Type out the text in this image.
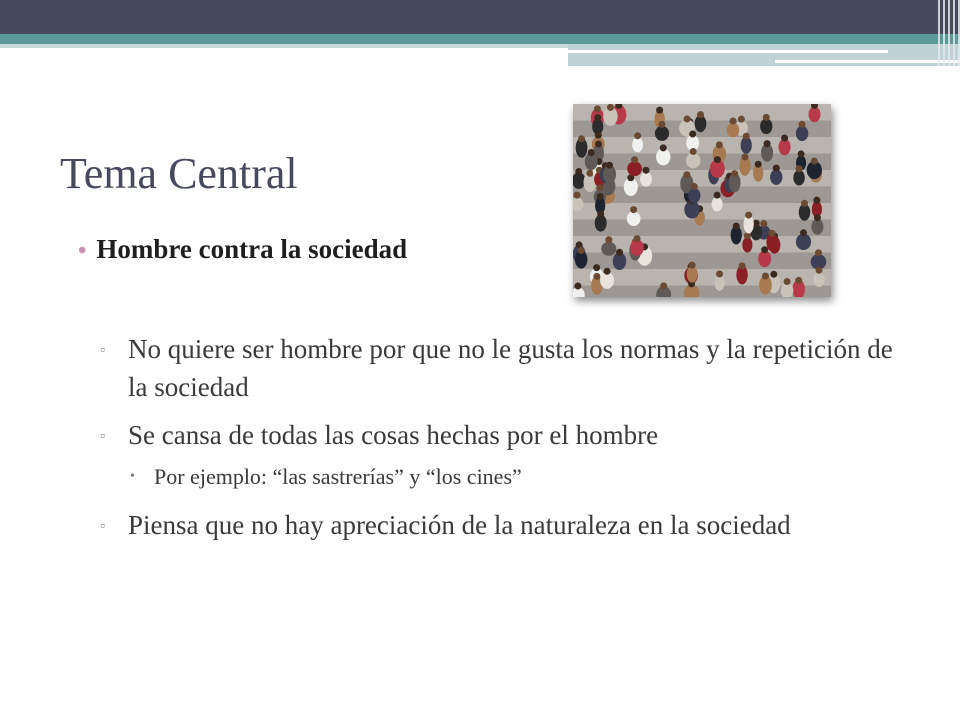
Tema Central
• Hombre contra la sociedad
▫ No quiere ser hombre por que no le gusta los normas y la repetición de la sociedad
▫ Se cansa de todas las cosas hechas por el hombre
• Por ejemplo: “las sastrerías” y “los cines”
▫ Piensa que no hay apreciación de la naturaleza en la sociedad
